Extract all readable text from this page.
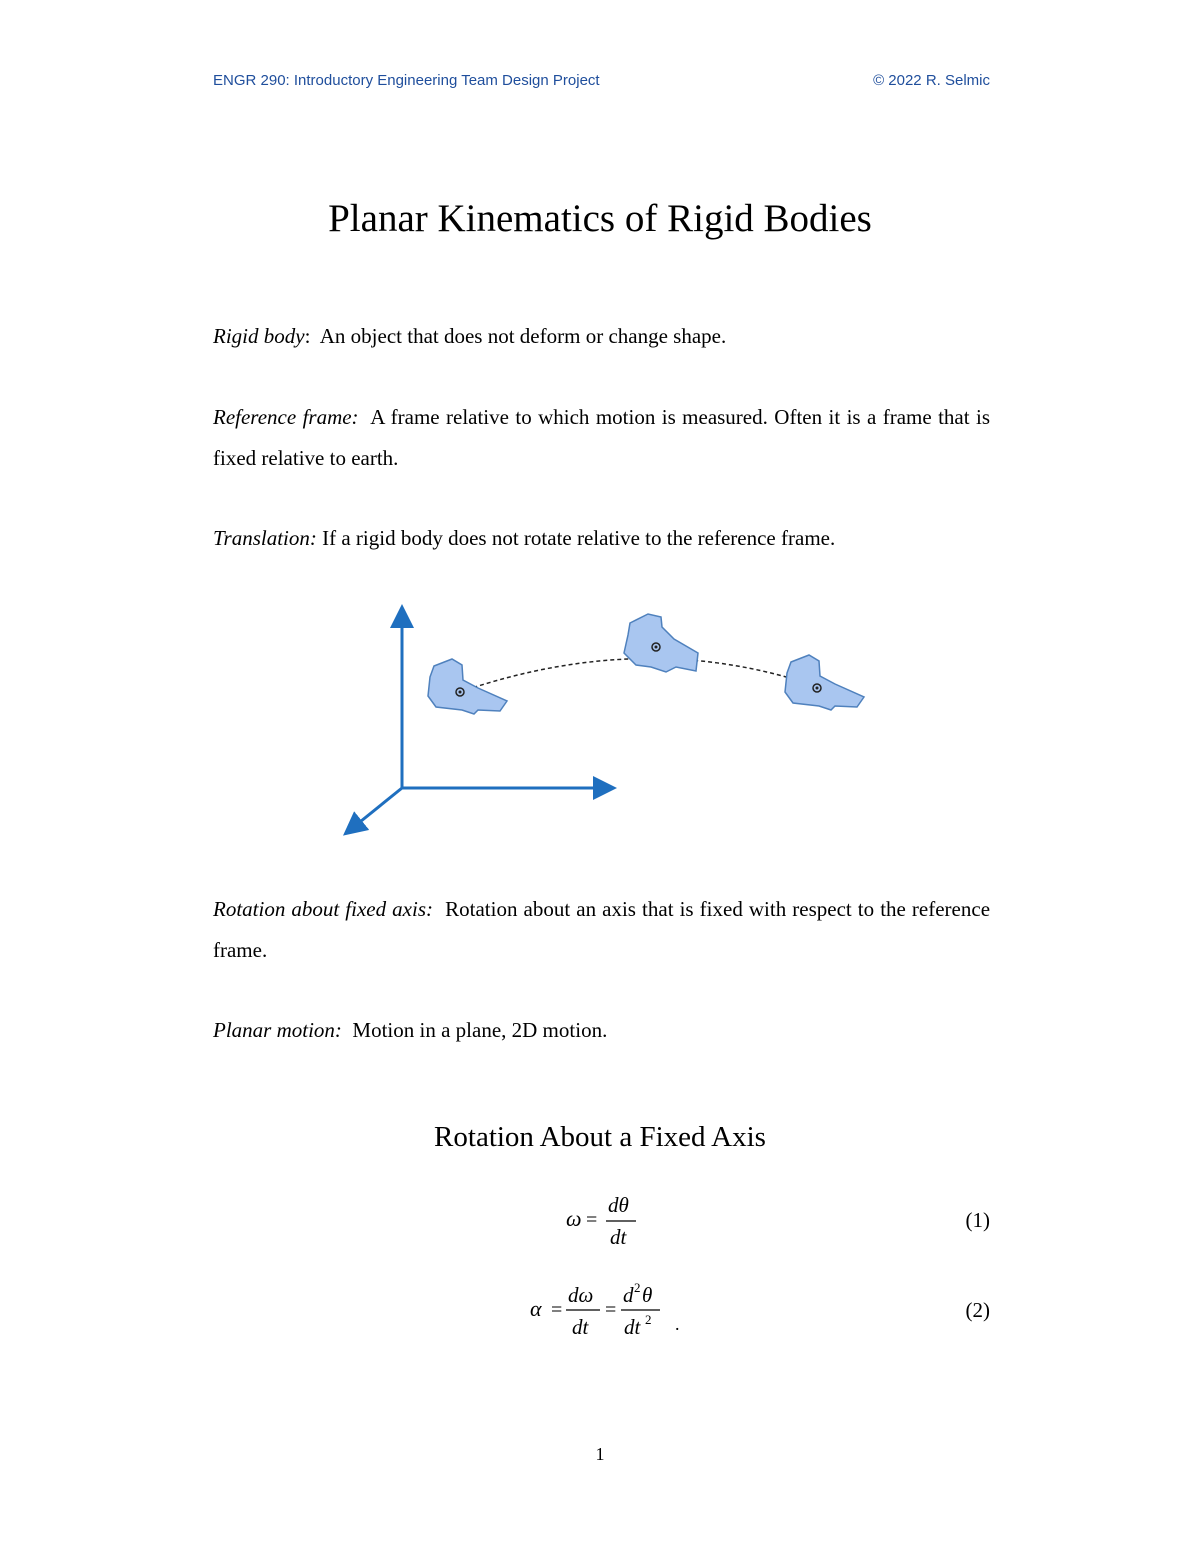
ENGR 290: Introductory Engineering Team Design Project	© 2022 R. Selmic
Planar Kinematics of Rigid Bodies
Rigid body:  An object that does not deform or change shape.
Reference frame: A frame relative to which motion is measured. Often it is a frame that is fixed relative to earth.
Translation: If a rigid body does not rotate relative to the reference frame.
Rotation about fixed axis: Rotation about an axis that is fixed with respect to the reference frame.
Planar motion: Motion in a plane, 2D motion.
Rotation About a Fixed Axis
ω =
dθ
dt
(1)
α =
dω
dt
=
d 2 θ
dt 2 .
(2)
1
